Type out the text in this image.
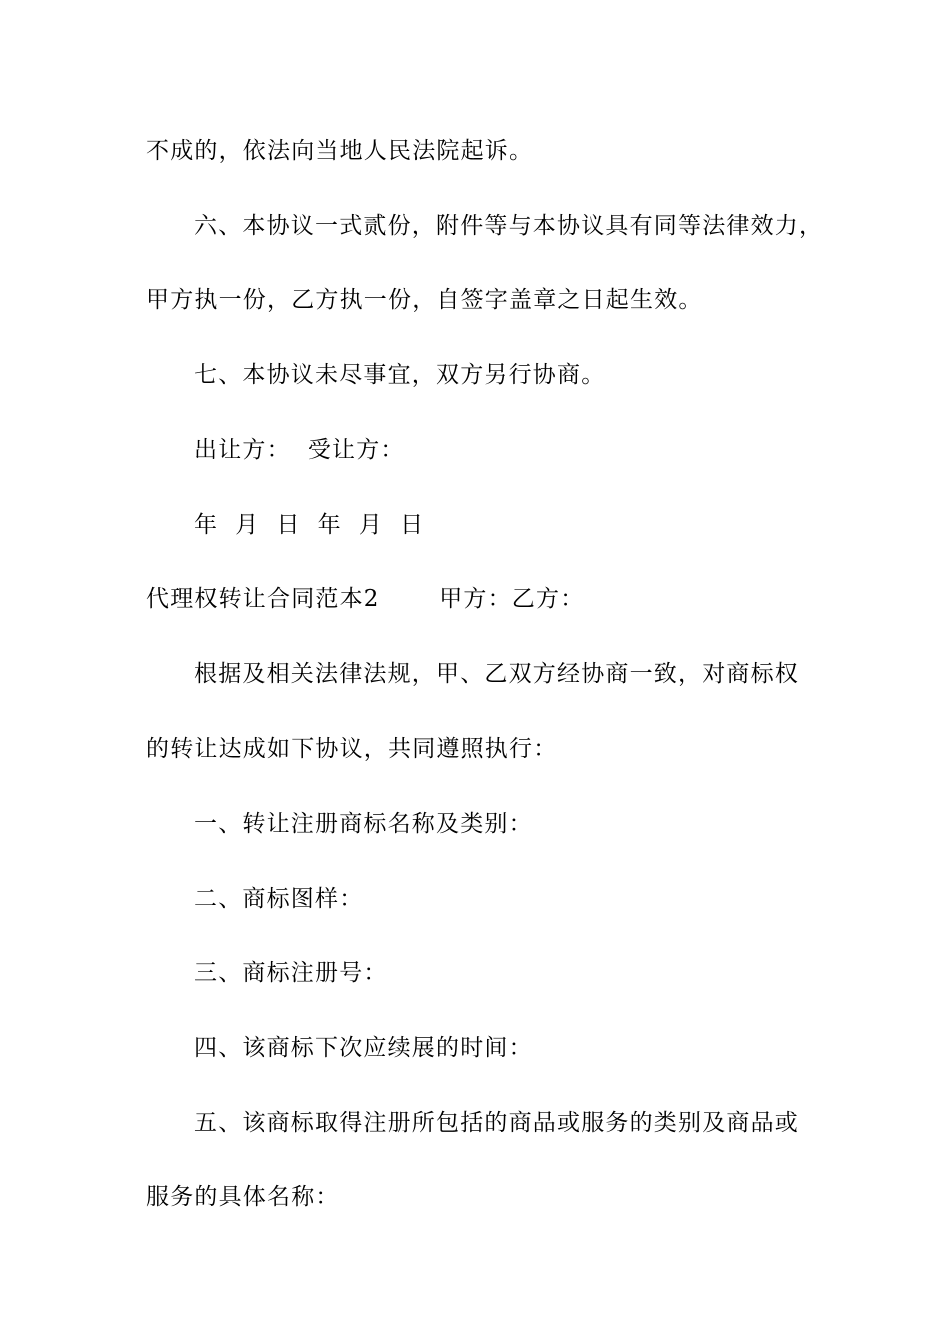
不成的，依法向当地人民法院起诉。
六、本协议一式贰份，附件等与本协议具有同等法律效力，
甲方执一份，乙方执一份，自签字盖章之日起生效。
七、本协议未尽事宜，双方另行协商。
出让方：  受让方：
年  月  日  年  月  日
代理权转让合同范本2       甲方：乙方：
根据及相关法律法规，甲、乙双方经协商一致，对商标权
的转让达成如下协议，共同遵照执行：
一、转让注册商标名称及类别：
二、商标图样：
三、商标注册号：
四、该商标下次应续展的时间：
五、该商标取得注册所包括的商品或服务的类别及商品或
服务的具体名称：
